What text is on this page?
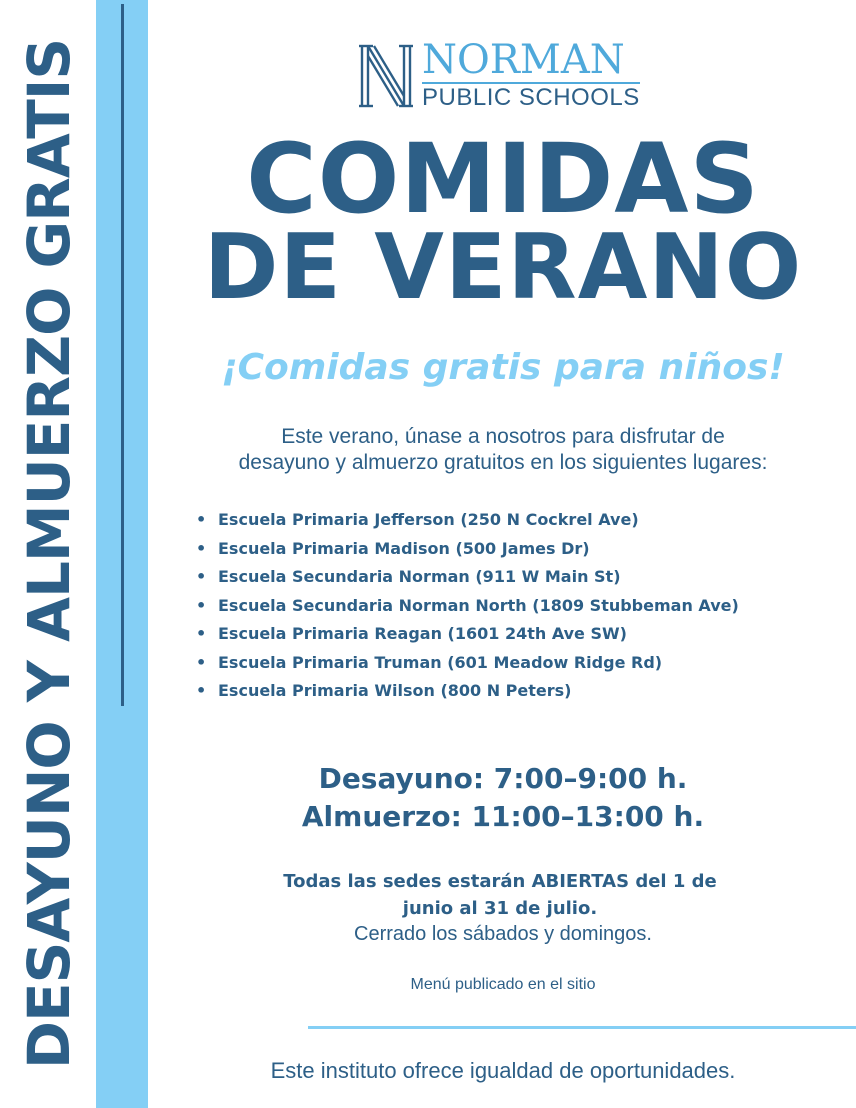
DESAYUNO Y ALMUERZO GRATIS	NORMAN
PUBLIC SCHOOLS
COMIDAS
DE VERANO
¡Comidas gratis para niños!
Este verano, únase a nosotros para disfrutar de
desayuno y almuerzo gratuitos en los siguientes lugares:
• Escuela Primaria Jefferson (250 N Cockrel Ave)
• Escuela Primaria Madison (500 James Dr)
• Escuela Secundaria Norman (911 W Main St)
• Escuela Secundaria Norman North (1809 Stubbeman Ave)
• Escuela Primaria Reagan (1601 24th Ave SW)
• Escuela Primaria Truman (601 Meadow Ridge Rd)
• Escuela Primaria Wilson (800 N Peters)
Desayuno: 7:00–9:00 h.
Almuerzo: 11:00–13:00 h.
Todas las sedes estarán ABIERTAS del 1 de
junio al 31 de julio.
Cerrado los sábados y domingos.
Menú publicado en el sitio
Este instituto ofrece igualdad de oportunidades.
